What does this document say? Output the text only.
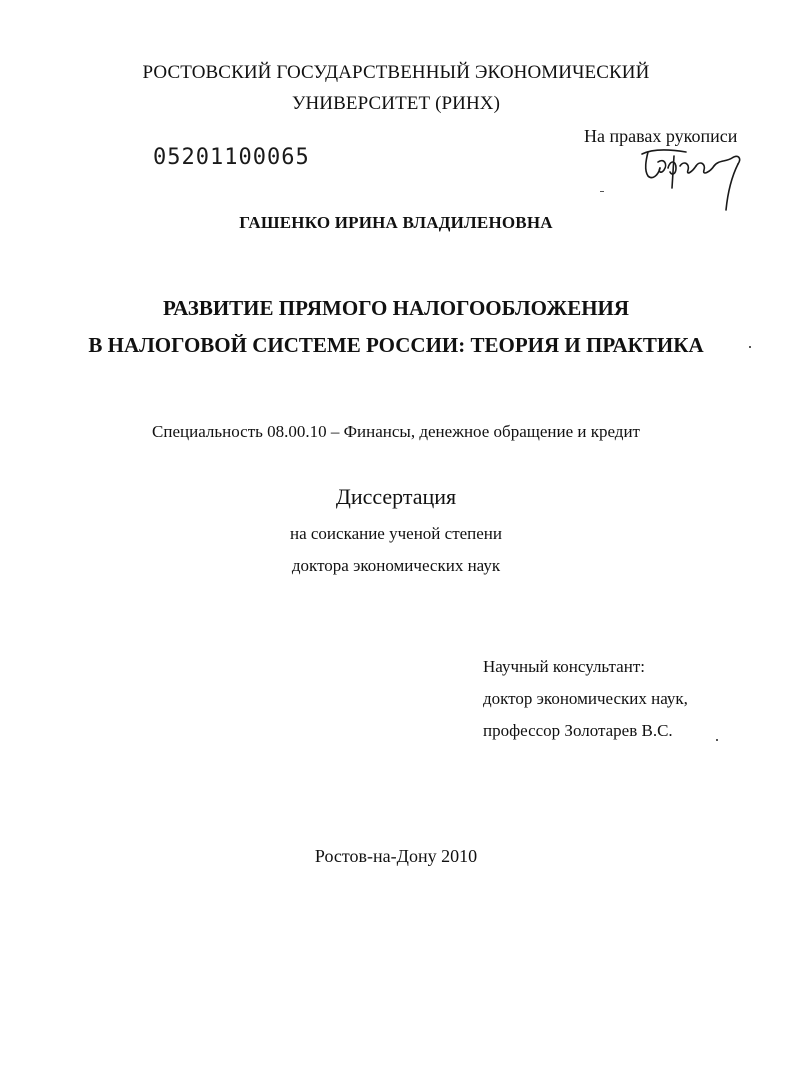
РОСТОВСКИЙ ГОСУДАРСТВЕННЫЙ ЭКОНОМИЧЕСКИЙ
УНИВЕРСИТЕТ (РИНХ)
На правах рукописи
05201100065
ГАШЕНКО ИРИНА ВЛАДИЛЕНОВНА
РАЗВИТИЕ ПРЯМОГО НАЛОГООБЛОЖЕНИЯ
В НАЛОГОВОЙ СИСТЕМЕ РОССИИ: ТЕОРИЯ И ПРАКТИКА
Специальность 08.00.10 – Финансы, денежное обращение и кредит
Диссертация
на соискание ученой степени
доктора экономических наук
Научный консультант:
доктор экономических наук,
профессор Золотарев В.С.
Ростов-на-Дону 2010
